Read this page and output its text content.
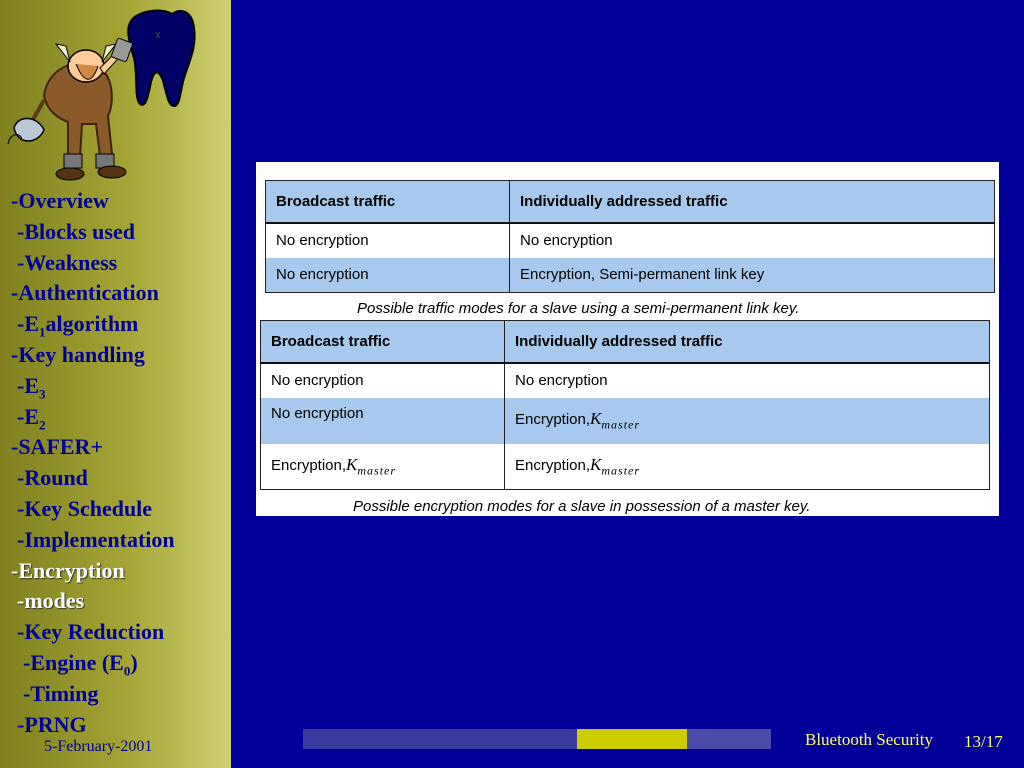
-Overview
-Blocks used
-Weakness
-Authentication
$-E_1algorithm$
-Key handling
$-E_3$
$-E_2$
-SAFER+
-Round
-Key Schedule
-Implementation
-Encryption
-modes
-Key Reduction
-Engine $(E_0)$
-Timing
-PRNG
5-February-2001
Broadcast traffic	Individually addressed traffic
No encryption	No encryption
No encryption	Encryption, Semi-permanent link key
Possible traffic modes for a slave using a semi-permanent link key.
Broadcast traffic	Individually addressed traffic
No encryption	No encryption
No encryption	$Encryption,K_{master}$
$Encryption,K_{master}$	$Encryption,K_{master}$
Possible encryption modes for a slave in possession of a master key.
Bluetooth Security 13/17
